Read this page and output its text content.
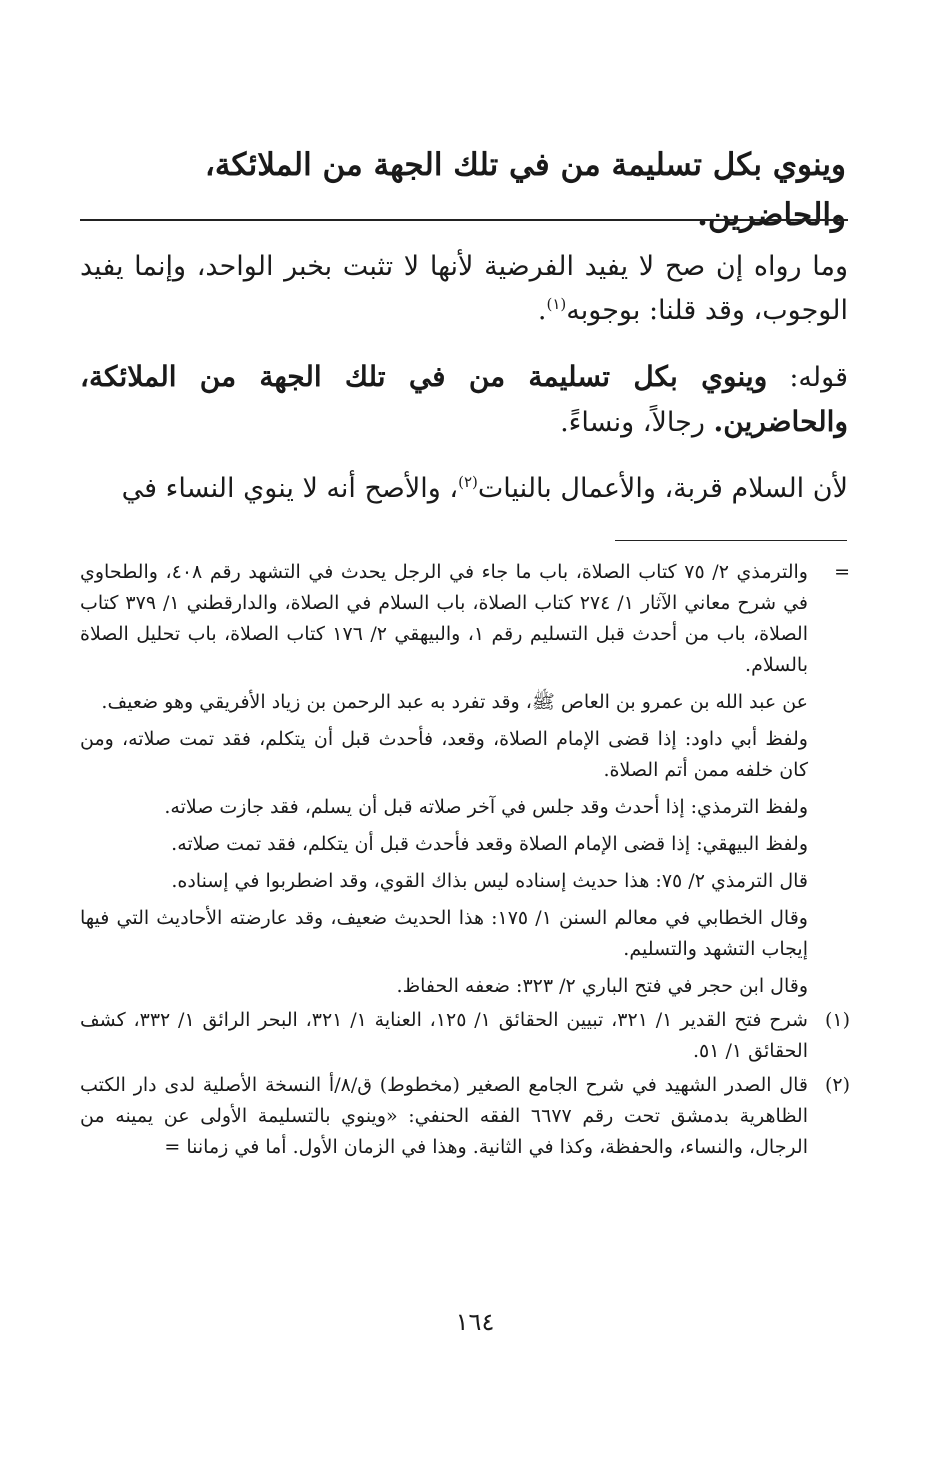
وينوي بكل تسليمة من في تلك الجهة من الملائكة، والحاضرين.

وما رواه إن صح لا يفيد الفرضية لأنها لا تثبت بخبر الواحد، وإنما يفيد الوجوب، وقد قلنا: بوجوبه$^{(١)}$.

قوله: وينوي بكل تسليمة من في تلك الجهة من الملائكة، والحاضرين. رجالاً، ونساءً.

لأن السلام قربة، والأعمال بالنيات$^{(٢)}$، والأصح أنه لا ينوي النساء في

=

والترمذي ٢/ ٧٥ كتاب الصلاة، باب ما جاء في الرجل يحدث في التشهد رقم ٤٠٨، والطحاوي في شرح معاني الآثار ١/ ٢٧٤ كتاب الصلاة، باب السلام في الصلاة، والدارقطني ١/ ٣٧٩ كتاب الصلاة، باب من أحدث قبل التسليم رقم ١، والبيهقي ٢/ ١٧٦ كتاب الصلاة، باب تحليل الصلاة بالسلام.

عن عبد الله بن عمرو بن العاص ﷺ، وقد تفرد به عبد الرحمن بن زياد الأفريقي وهو ضعيف.

ولفظ أبي داود: إذا قضى الإمام الصلاة، وقعد، فأحدث قبل أن يتكلم، فقد تمت صلاته، ومن كان خلفه ممن أتم الصلاة.

ولفظ الترمذي: إذا أحدث وقد جلس في آخر صلاته قبل أن يسلم، فقد جازت صلاته.

ولفظ البيهقي: إذا قضى الإمام الصلاة وقعد فأحدث قبل أن يتكلم، فقد تمت صلاته.

قال الترمذي ٢/ ٧٥: هذا حديث إسناده ليس بذاك القوي، وقد اضطربوا في إسناده.

وقال الخطابي في معالم السنن ١/ ١٧٥: هذا الحديث ضعيف، وقد عارضته الأحاديث التي فيها إيجاب التشهد والتسليم.

وقال ابن حجر في فتح الباري ٢/ ٣٢٣: ضعفه الحفاظ.

(١)

شرح فتح القدير ١/ ٣٢١، تبيين الحقائق ١/ ١٢٥، العناية ١/ ٣٢١، البحر الرائق ١/ ٣٣٢، كشف الحقائق ١/ ٥١.

(٢)

قال الصدر الشهيد في شرح الجامع الصغير (مخطوط) ق/٨/أ النسخة الأصلية لدى دار الكتب الظاهرية بدمشق تحت رقم ٦٦٧٧ الفقه الحنفي: «وينوي بالتسليمة الأولى عن يمينه من الرجال، والنساء، والحفظة، وكذا في الثانية. وهذا في الزمان الأول. أما في زماننا =

١٦٤
